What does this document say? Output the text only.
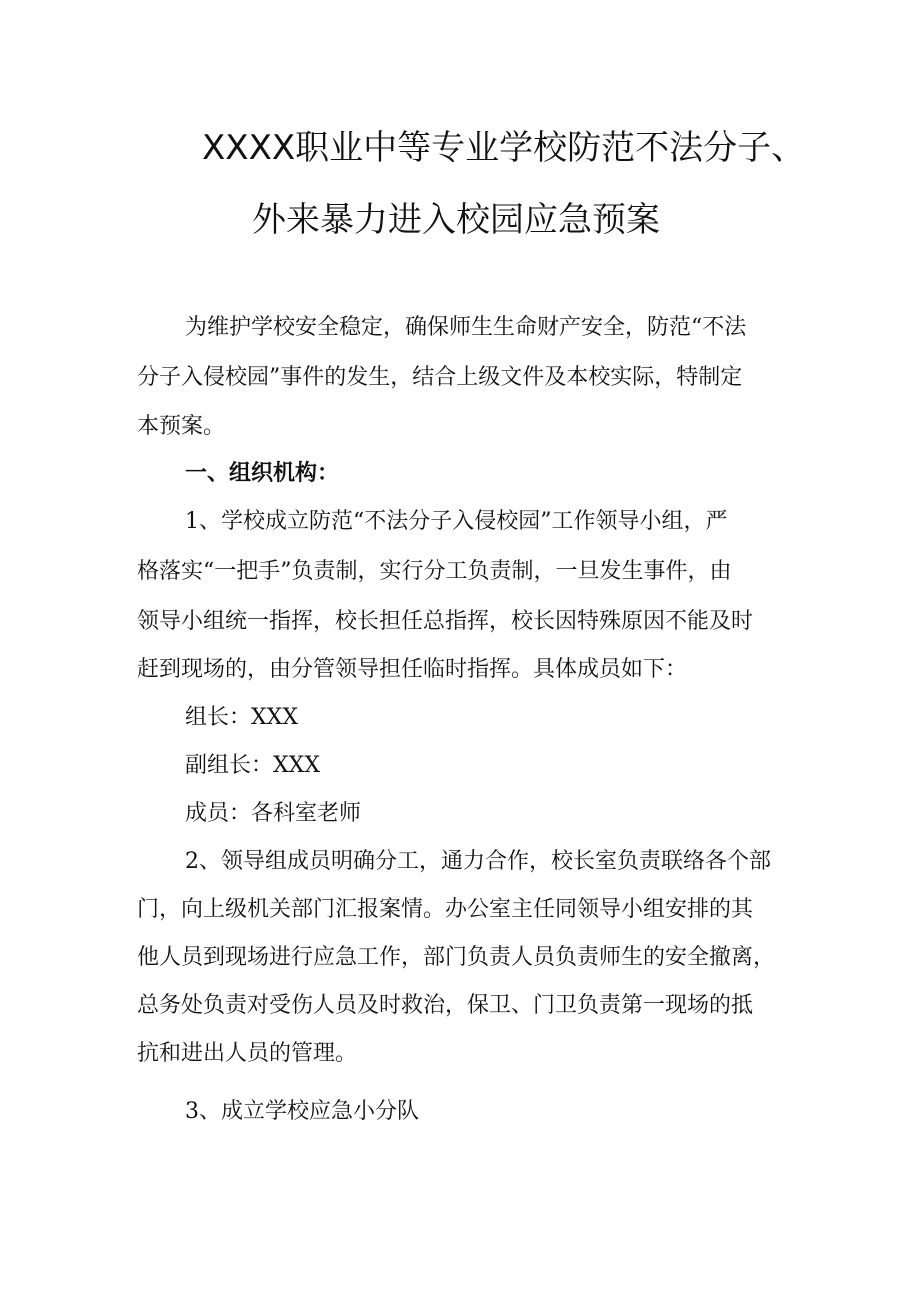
XXXX职业中等专业学校防范不法分子、
外来暴力进入校园应急预案
为维护学校安全稳定，确保师生生命财产安全，防范“不法
分子入侵校园”事件的发生，结合上级文件及本校实际，特制定
本预案。
一、组织机构：
1、学校成立防范“不法分子入侵校园”工作领导小组，严
格落实“一把手”负责制，实行分工负责制，一旦发生事件，由
领导小组统一指挥，校长担任总指挥，校长因特殊原因不能及时
赶到现场的，由分管领导担任临时指挥。具体成员如下：
组长：XXX
副组长：XXX
成员：各科室老师
2、领导组成员明确分工，通力合作，校长室负责联络各个部
门，向上级机关部门汇报案情。办公室主任同领导小组安排的其
他人员到现场进行应急工作，部门负责人员负责师生的安全撤离，
总务处负责对受伤人员及时救治，保卫、门卫负责第一现场的抵
抗和进出人员的管理。
3、成立学校应急小分队
